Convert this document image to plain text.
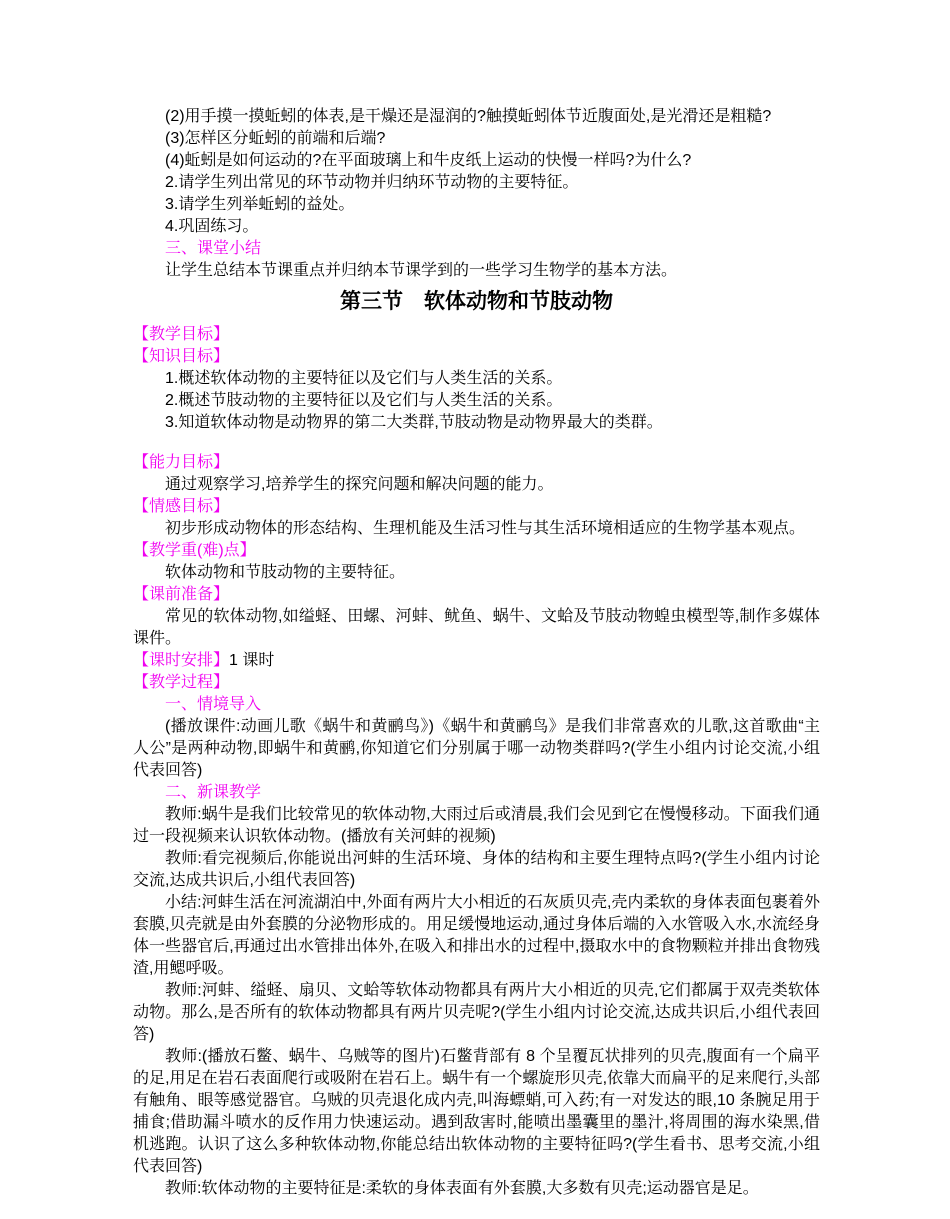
(2)用手摸一摸蚯蚓的体表,是干燥还是湿润的?触摸蚯蚓体节近腹面处,是光滑还是粗糙?

(3)怎样区分蚯蚓的前端和后端?

(4)蚯蚓是如何运动的?在平面玻璃上和牛皮纸上运动的快慢一样吗?为什么?

2.请学生列出常见的环节动物并归纳环节动物的主要特征。

3.请学生列举蚯蚓的益处。

4.巩固练习。

三、课堂小结

让学生总结本节课重点并归纳本节课学到的一些学习生物学的基本方法。

第三节　软体动物和节肢动物

【教学目标】

【知识目标】

1.概述软体动物的主要特征以及它们与人类生活的关系。

2.概述节肢动物的主要特征以及它们与人类生活的关系。

3.知道软体动物是动物界的第二大类群,节肢动物是动物界最大的类群。

【能力目标】

通过观察学习,培养学生的探究问题和解决问题的能力。

【情感目标】

初步形成动物体的形态结构、生理机能及生活习性与其生活环境相适应的生物学基本观点。

【教学重(难)点】

软体动物和节肢动物的主要特征。

【课前准备】

常见的软体动物,如缢蛏、田螺、河蚌、鱿鱼、蜗牛、文蛤及节肢动物蝗虫模型等,制作多媒体课件。

【课时安排】1 课时

【教学过程】

一、情境导入

(播放课件:动画儿歌《蜗牛和黄鹂鸟》)《蜗牛和黄鹂鸟》是我们非常喜欢的儿歌,这首歌曲“主人公”是两种动物,即蜗牛和黄鹂,你知道它们分别属于哪一动物类群吗?(学生小组内讨论交流,小组代表回答)

二、新课教学

教师:蜗牛是我们比较常见的软体动物,大雨过后或清晨,我们会见到它在慢慢移动。下面我们通过一段视频来认识软体动物。(播放有关河蚌的视频)

教师:看完视频后,你能说出河蚌的生活环境、身体的结构和主要生理特点吗?(学生小组内讨论交流,达成共识后,小组代表回答)

小结:河蚌生活在河流湖泊中,外面有两片大小相近的石灰质贝壳,壳内柔软的身体表面包裹着外套膜,贝壳就是由外套膜的分泌物形成的。用足缓慢地运动,通过身体后端的入水管吸入水,水流经身体一些器官后,再通过出水管排出体外,在吸入和排出水的过程中,摄取水中的食物颗粒并排出食物残渣,用鳃呼吸。

教师:河蚌、缢蛏、扇贝、文蛤等软体动物都具有两片大小相近的贝壳,它们都属于双壳类软体动物。那么,是否所有的软体动物都具有两片贝壳呢?(学生小组内讨论交流,达成共识后,小组代表回答)

教师:(播放石鳖、蜗牛、乌贼等的图片)石鳖背部有 8 个呈覆瓦状排列的贝壳,腹面有一个扁平的足,用足在岩石表面爬行或吸附在岩石上。蜗牛有一个螺旋形贝壳,依靠大而扁平的足来爬行,头部有触角、眼等感觉器官。乌贼的贝壳退化成内壳,叫海螵蛸,可入药;有一对发达的眼,10 条腕足用于捕食;借助漏斗喷水的反作用力快速运动。遇到敌害时,能喷出墨囊里的墨汁,将周围的海水染黑,借机逃跑。认识了这么多种软体动物,你能总结出软体动物的主要特征吗?(学生看书、思考交流,小组代表回答)

教师:软体动物的主要特征是:柔软的身体表面有外套膜,大多数有贝壳;运动器官是足。
